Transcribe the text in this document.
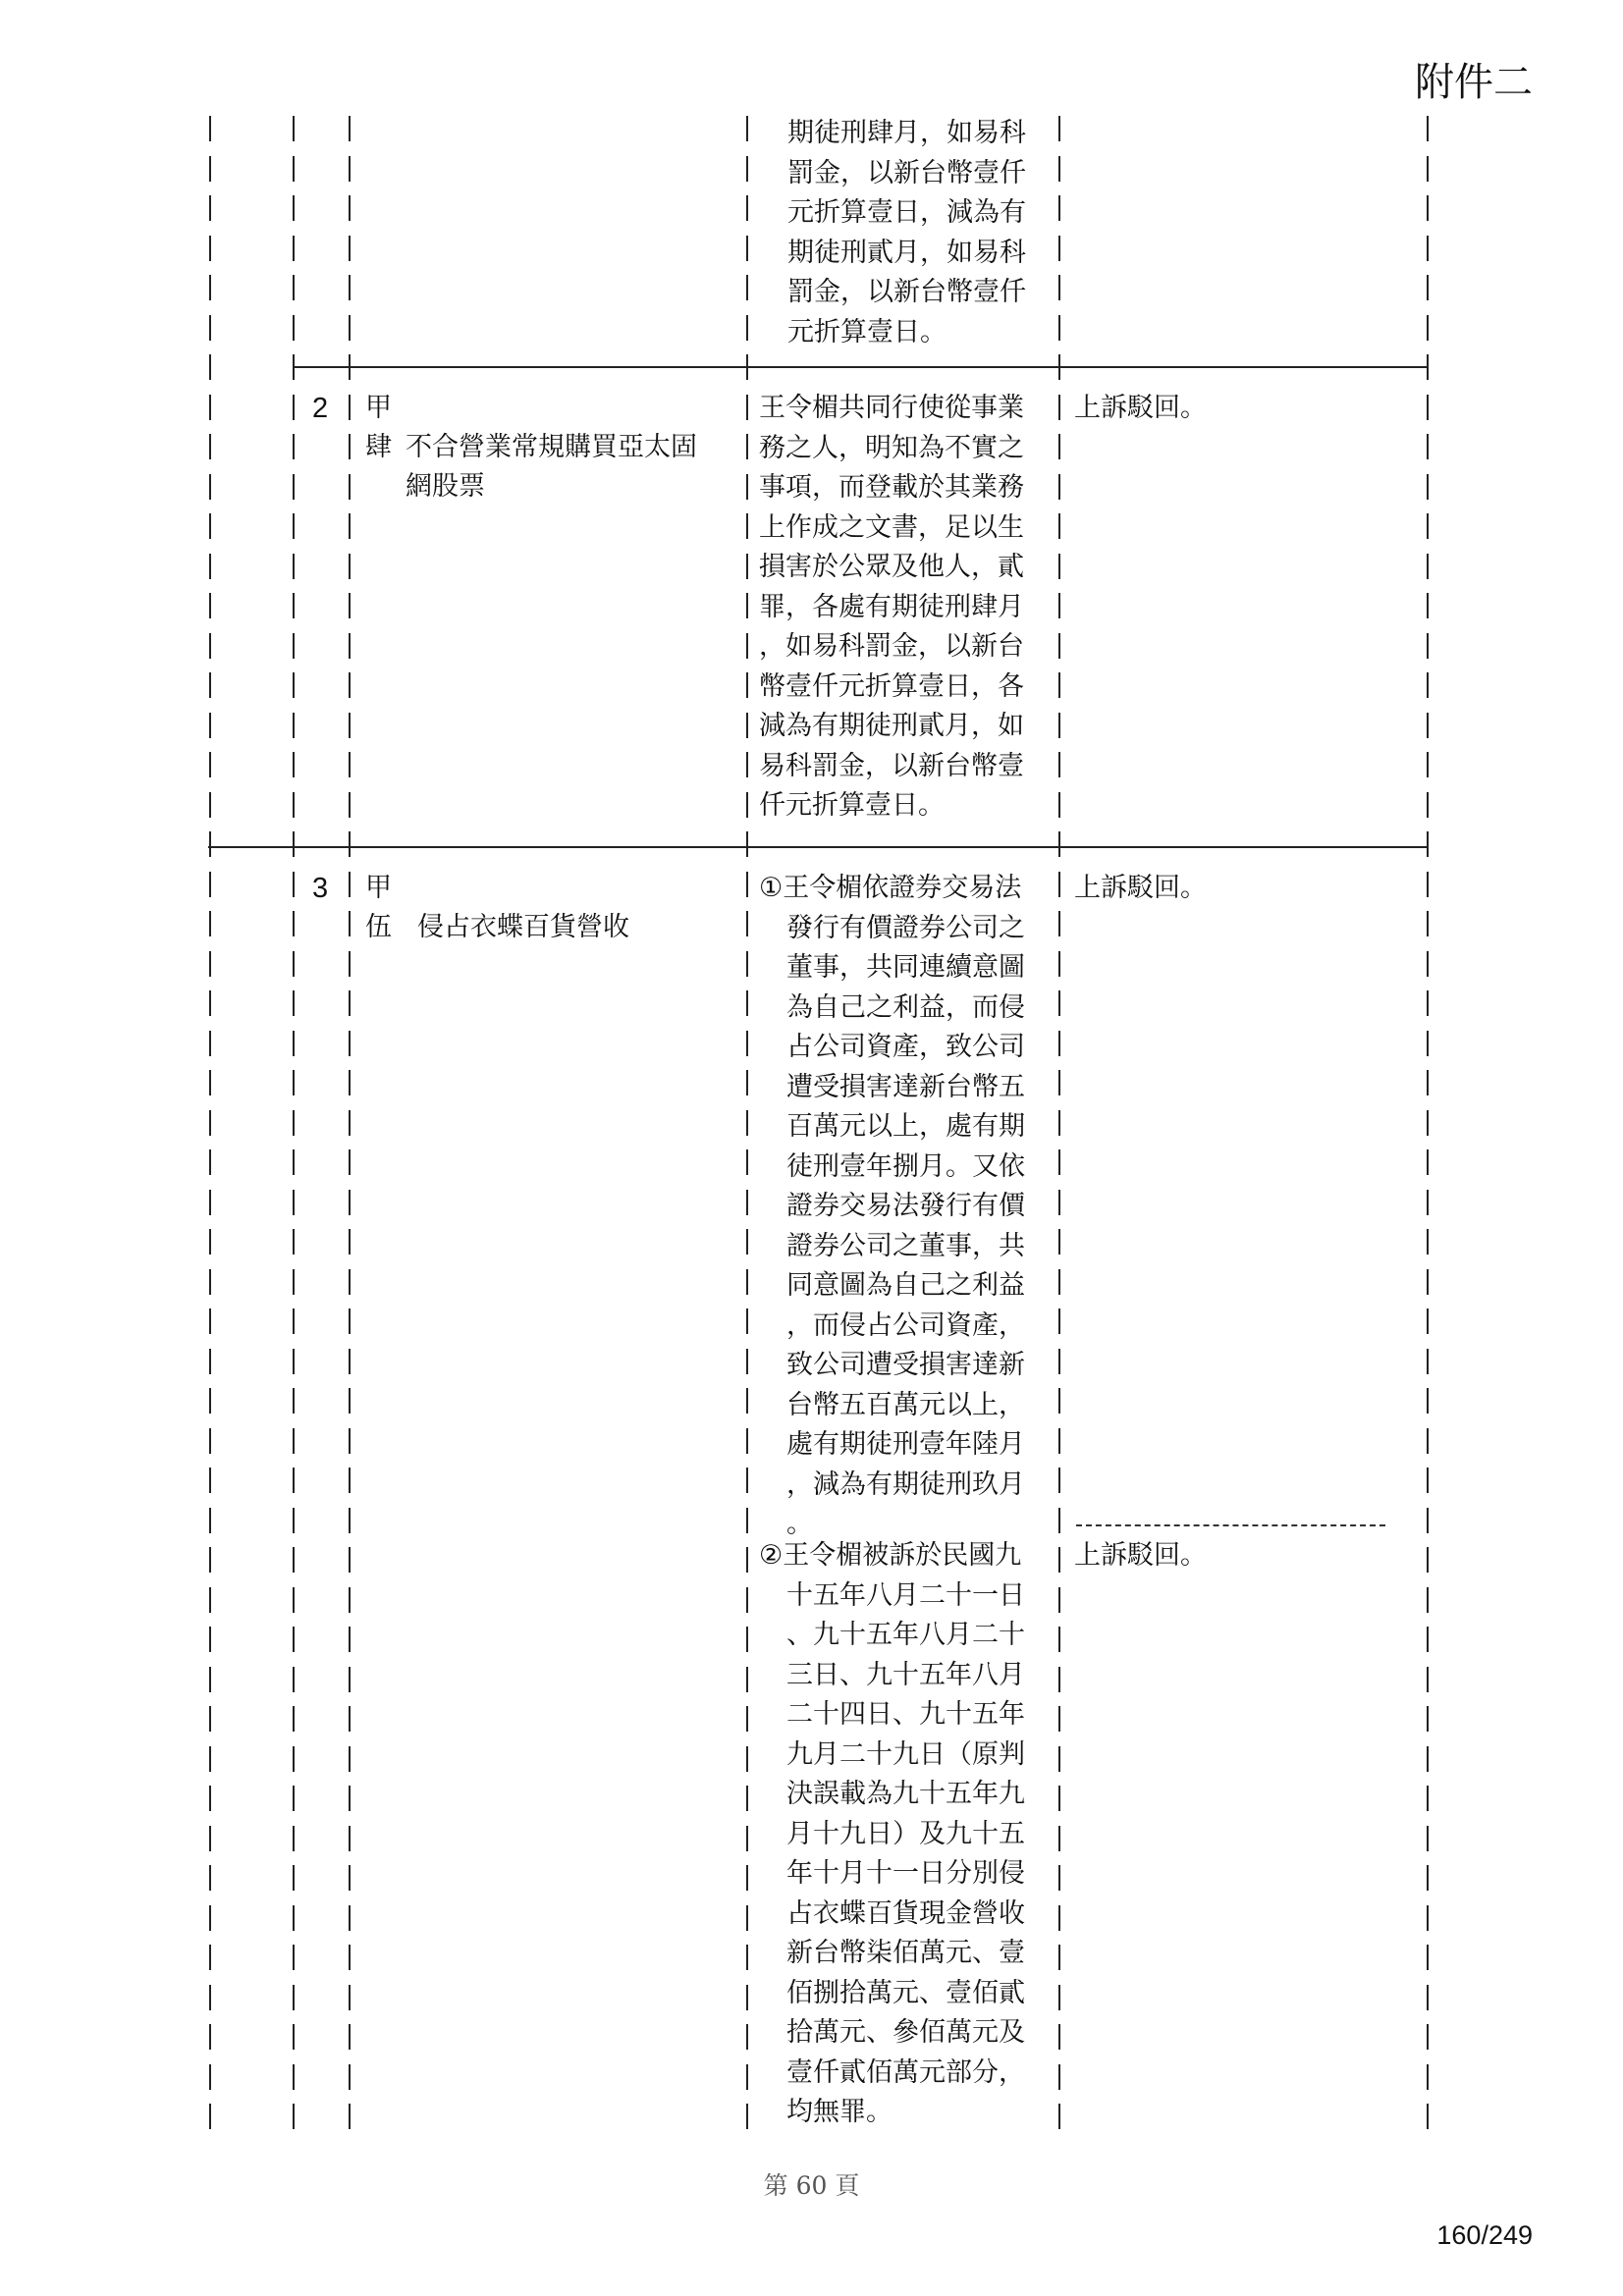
附件二
第 60 頁
160/249
期徒刑肆月，如易科
罰金，以新台幣壹仟
元折算壹日，減為有
期徒刑貳月，如易科
罰金，以新台幣壹仟
元折算壹日。
2 甲
肆 不合營業常規購買亞太固
網股票
王令楣共同行使從事業
務之人，明知為不實之
事項，而登載於其業務
上作成之文書，足以生
損害於公眾及他人，貳
罪，各處有期徒刑肆月
，如易科罰金，以新台
幣壹仟元折算壹日，各
減為有期徒刑貳月，如
易科罰金，以新台幣壹
仟元折算壹日。
上訴駁回。
3 甲
伍 侵占衣蝶百貨營收
①王令楣依證券交易法
發行有價證券公司之
董事，共同連續意圖
為自己之利益，而侵
占公司資產，致公司
遭受損害達新台幣五
百萬元以上，處有期
徒刑壹年捌月。又依
證券交易法發行有價
證券公司之董事，共
同意圖為自己之利益
，而侵占公司資產，
致公司遭受損害達新
台幣五百萬元以上，
處有期徒刑壹年陸月
，減為有期徒刑玖月
。
上訴駁回。
②王令楣被訴於民國九
十五年八月二十一日
、九十五年八月二十
三日、九十五年八月
二十四日、九十五年
九月二十九日（原判
決誤載為九十五年九
月十九日）及九十五
年十月十一日分別侵
占衣蝶百貨現金營收
新台幣柒佰萬元、壹
佰捌拾萬元、壹佰貳
拾萬元、參佰萬元及
壹仟貳佰萬元部分，
均無罪。
上訴駁回。
